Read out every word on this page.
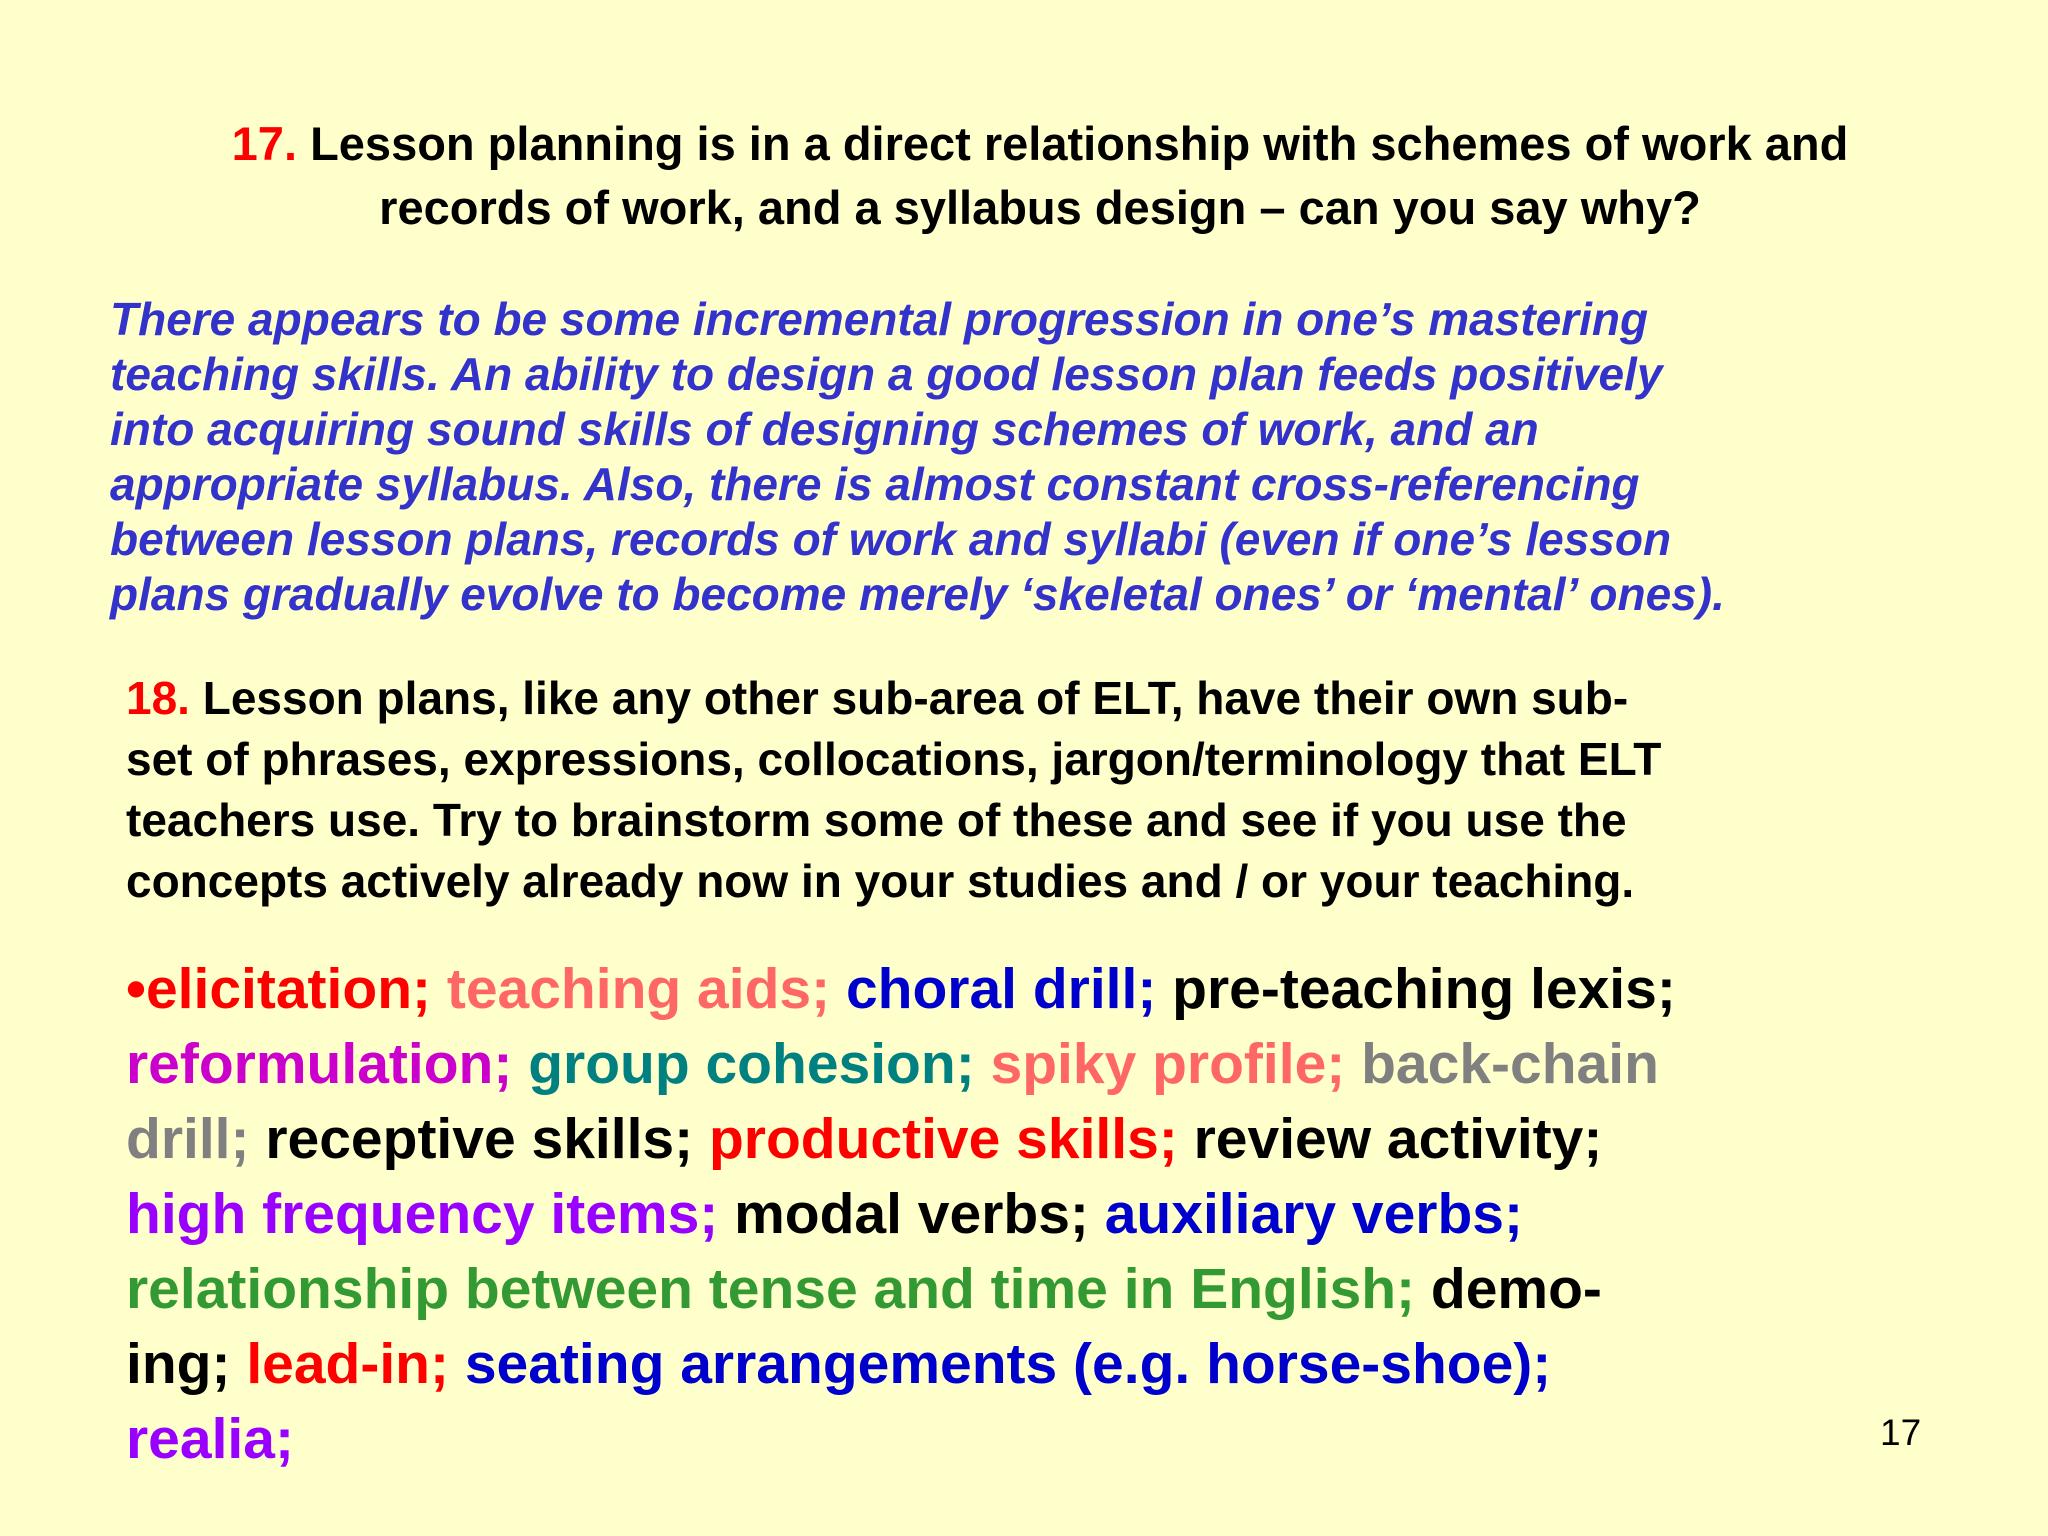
17. Lesson planning is in a direct relationship with schemes of work and
records of work, and a syllabus design – can you say why?
There appears to be some incremental progression in one’s mastering
teaching skills. An ability to design a good lesson plan feeds positively
into acquiring sound skills of designing schemes of work, and an
appropriate syllabus. Also, there is almost constant cross-referencing
between lesson plans, records of work and syllabi (even if one’s lesson
plans gradually evolve to become merely ‘skeletal ones’ or ‘mental’ ones).
18. Lesson plans, like any other sub-area of ELT, have their own sub-
set of phrases, expressions, collocations, jargon/terminology that ELT
teachers use. Try to brainstorm some of these and see if you use the
concepts actively already now in your studies and / or your teaching.
•elicitation; teaching aids; choral drill; pre-teaching lexis;
reformulation; group cohesion; spiky profile; back-chain
drill; receptive skills; productive skills; review activity;
high frequency items; modal verbs; auxiliary verbs;
relationship between tense and time in English; demo-
ing; lead-in; seating arrangements (e.g. horse-shoe);
realia;	17
